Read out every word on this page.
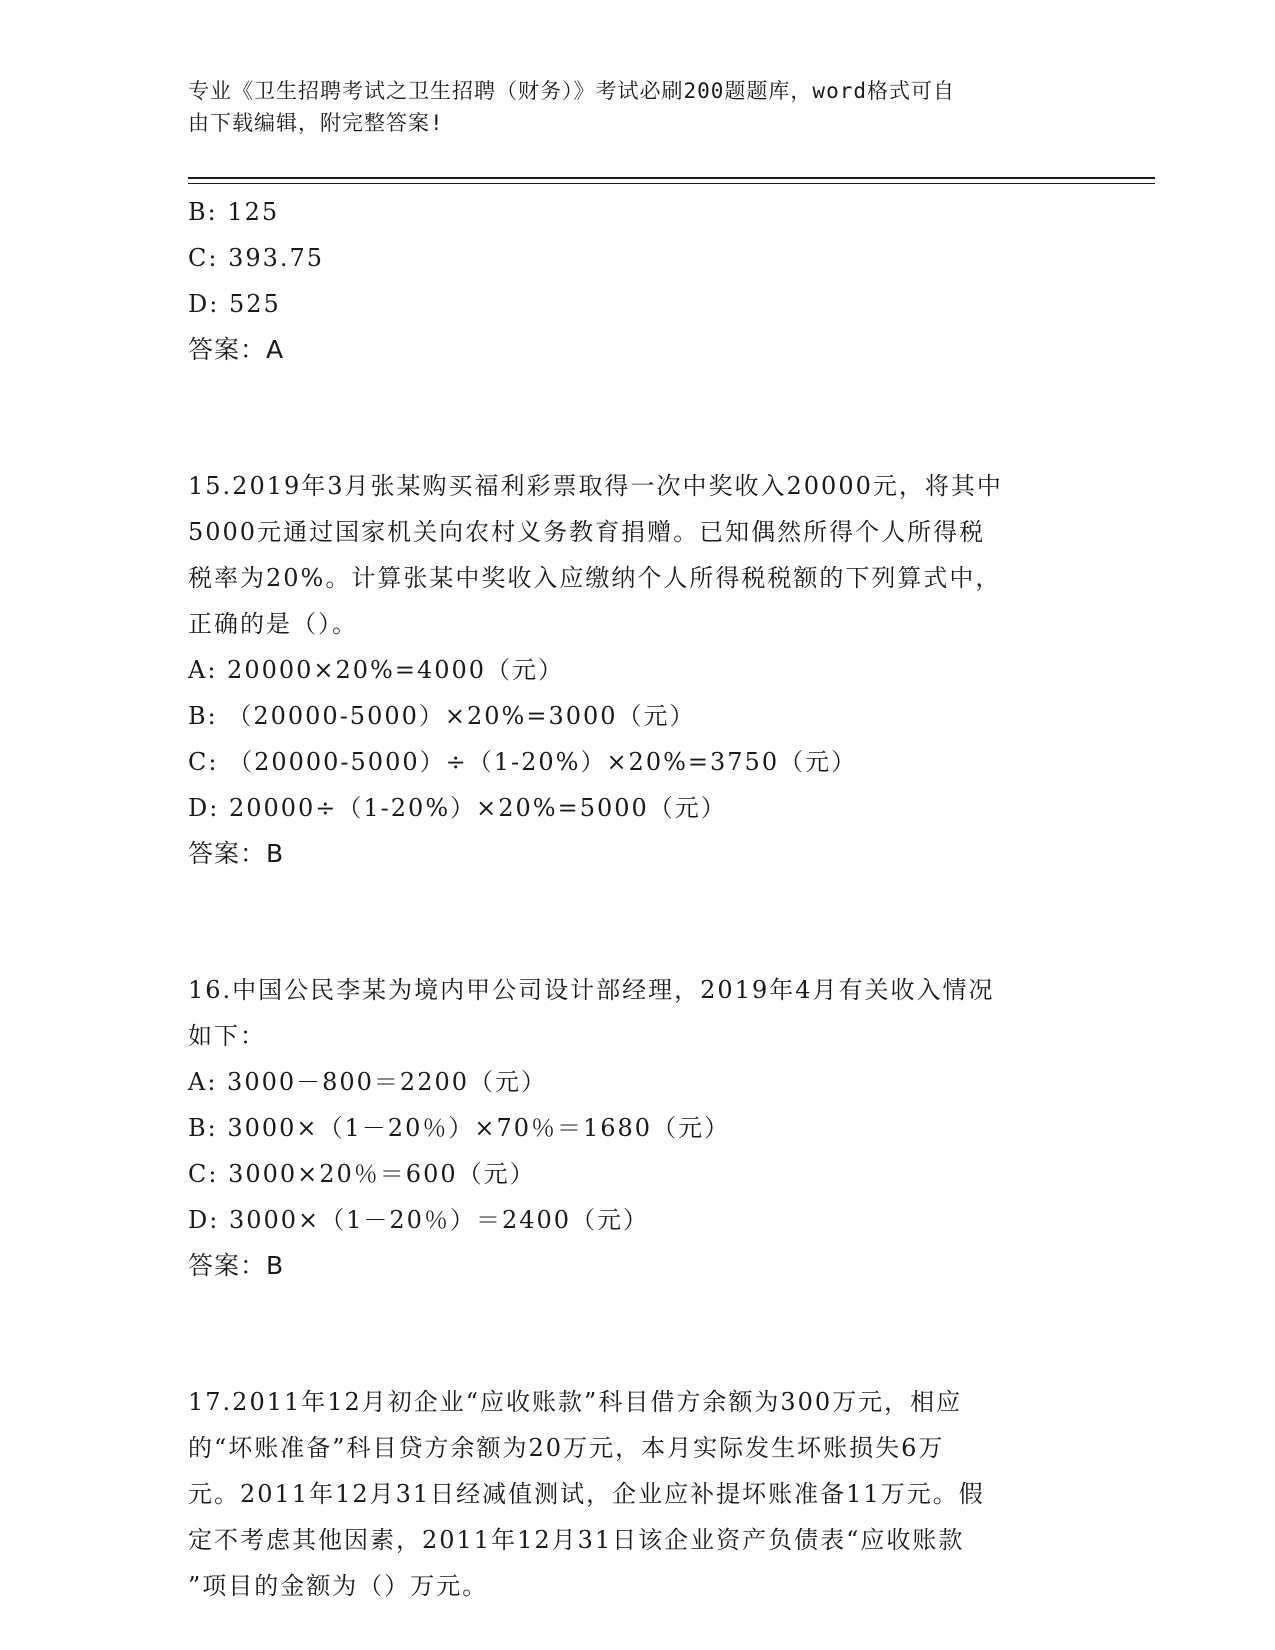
专业《卫生招聘考试之卫生招聘（财务）》考试必刷200题题库，word格式可自
由下载编辑，附完整答案!
B: 125
C: 393.75
D: 525
答案：A
15.2019年3月张某购买福利彩票取得一次中奖收入20000元，将其中
5000元通过国家机关向农村义务教育捐赠。已知偶然所得个人所得税
税率为20%。计算张某中奖收入应缴纳个人所得税税额的下列算式中，
正确的是（）。
A: 20000×20%=4000（元）
B: （20000-5000）×20%=3000（元）
C: （20000-5000）÷（1-20%）×20%=3750（元）
D: 20000÷（1-20%）×20%=5000（元）
答案：B
16.中国公民李某为境内甲公司设计部经理，2019年4月有关收入情况
如下：
A: 3000－800＝2200（元）
B: 3000×（1－20％）×70％＝1680（元）
C: 3000×20％＝600（元）
D: 3000×（1－20％）＝2400（元）
答案：B
17.2011年12月初企业“应收账款”科目借方余额为300万元，相应
的“坏账准备”科目贷方余额为20万元，本月实际发生坏账损失6万
元。2011年12月31日经减值测试，企业应补提坏账准备11万元。假
定不考虑其他因素，2011年12月31日该企业资产负债表“应收账款
”项目的金额为（）万元。
